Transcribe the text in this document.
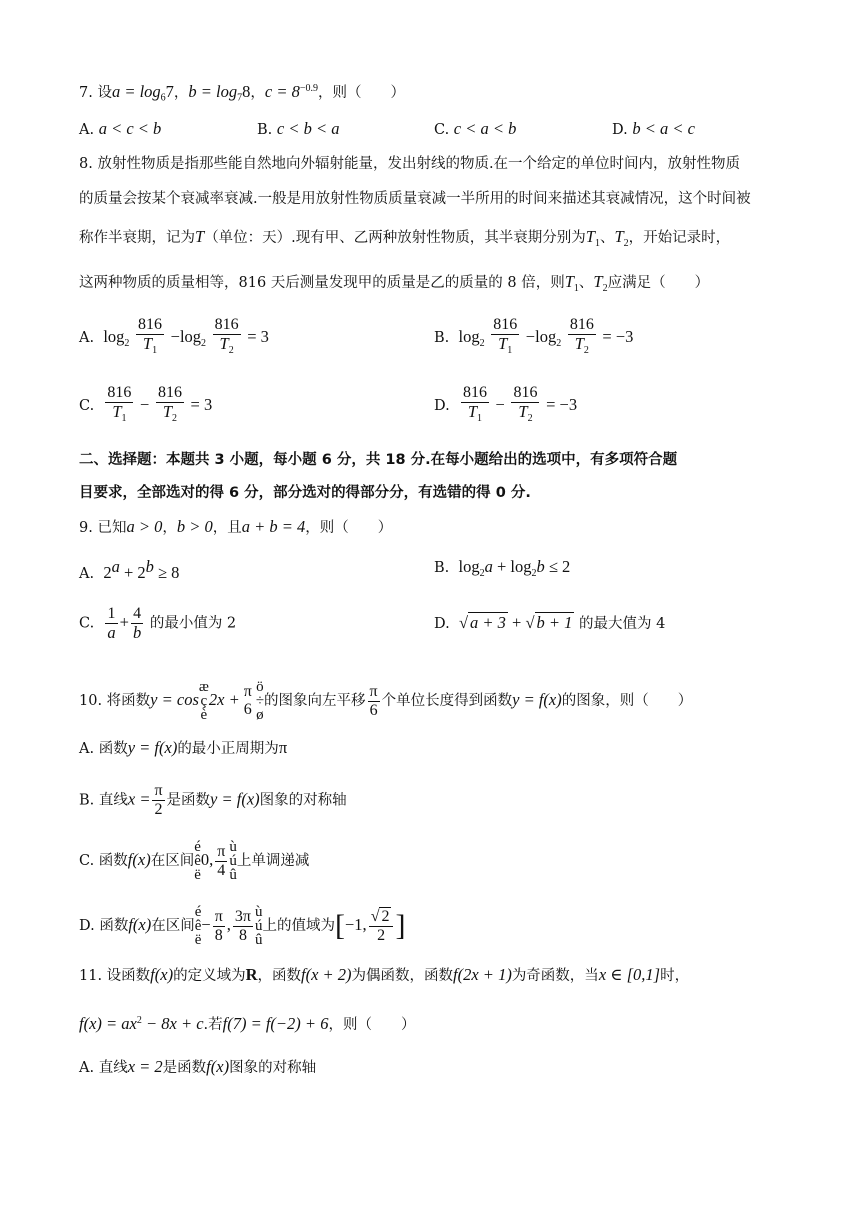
7. 设$a = \log_67$，$b = \log_78$，$c = 8^{-0.9}$，则（　　）
A. a < c < b	B. c < b < a	C. c < a < b	D. b < a < c
8. 放射性物质是指那些能自然地向外辐射能量，发出射线的物质.在一个给定的单位时间内，放射性物质
的质量会按某个衰减率衰减.一般是用放射性物质质量衰减一半所用的时间来描述其衰减情况，这个时间被
称作半衰期，记为T（单位：天）.现有甲、乙两种放射性物质，其半衰期分别为$T_1$、$T_2$，开始记录时，
这两种物质的质量相等，816 天后测量发现甲的质量是乙的质量的 8 倍，则$T_1$、$T_2$应满足（　　）
A. $\log_2 \frac{816}{T_1} -\log_2 \frac{816}{T_2} = 3$	B. $\log_2 \frac{816}{T_1} -\log_2 \frac{816}{T_2} = -3$
C. $\frac{816}{T_1} - \frac{816}{T_2} = 3$	D. $\frac{816}{T_1} - \frac{816}{T_2} = -3$
二、选择题：本题共 3 小题，每小题 6 分，共 18 分.在每小题给出的选项中，有多项符合题
目要求，全部选对的得 6 分，部分选对的得部分分，有选错的得 0 分.
9. 已知a > 0，b > 0，且a + b = 4，则（　　）
A. $2^a + 2^b \ge 8$	B. $\log_2a + \log_2b \le 2$
C. $\frac{1}{a} + \frac{4}{b}$ 的最小值为 2	D. √ a + 3 + √ b + 1 的最大值为 4
10. 将函数y = cosæ
ç
è2x + π
6
ö
÷
ø的图象向左平移 $\frac{\pi}{6}$ 个单位长度得到函数y = f(x)的图象，则（　　）
A. 函数y = f(x)的最小正周期为π
B. 直线$x = \frac{\pi}{2}$ 是函数y = f(x)图象的对称轴
C. 函数f(x)在区间é
ê
ë0, $\frac{\pi}{4}$ ù
ú
û上单调递减
D. 函数f(x)在区间é
ê
ë− $\frac{\pi}{8}$ , $\frac{3\pi}{8}$ ù
ú
û上的值域为[−1, $\frac{√ 2}{2}$ ]
11. 设函数f(x)的定义域为R，函数f(x + 2)为偶函数，函数f(2x + 1)为奇函数，当x ∈ [0,1]时，
$f(x) = ax^2 - 8x + c$.若f(7) = f(−2) + 6，则（　　）
A. 直线x = 2是函数f(x)图象的对称轴
